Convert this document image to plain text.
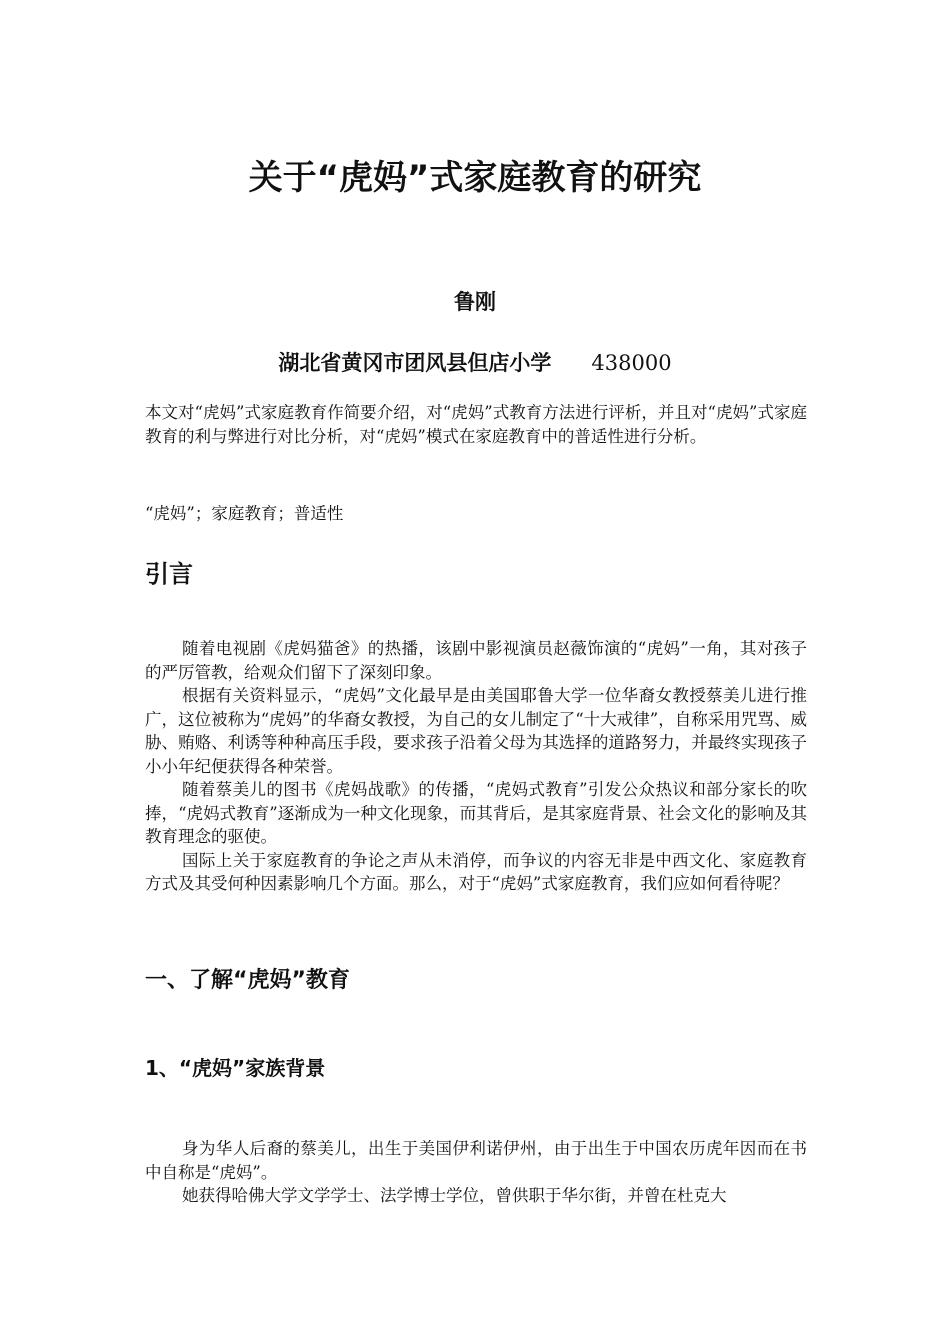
关于“虎妈”式家庭教育的研究
鲁刚
湖北省黄冈市团风县但店小学 438000

本文对“虎妈”式家庭教育作简要介绍，对“虎妈”式教育方法进行评析，并且对“虎妈”式家庭教育的利与弊进行对比分析，对“虎妈”模式在家庭教育中的普适性进行分析。

“虎妈”；家庭教育；普适性

引言

随着电视剧《虎妈猫爸》的热播，该剧中影视演员赵薇饰演的“虎妈”一角，其对孩子的严厉管教，给观众们留下了深刻印象。

根据有关资料显示，“虎妈”文化最早是由美国耶鲁大学一位华裔女教授蔡美儿进行推广，这位被称为“虎妈”的华裔女教授，为自己的女儿制定了“十大戒律”，自称采用咒骂、威胁、贿赂、利诱等种种高压手段，要求孩子沿着父母为其选择的道路努力，并最终实现孩子小小年纪便获得各种荣誉。

随着蔡美儿的图书《虎妈战歌》的传播，“虎妈式教育”引发公众热议和部分家长的吹捧，“虎妈式教育”逐渐成为一种文化现象，而其背后，是其家庭背景、社会文化的影响及其教育理念的驱使。

国际上关于家庭教育的争论之声从未消停，而争议的内容无非是中西文化、家庭教育方式及其受何种因素影响几个方面。那么，对于“虎妈”式家庭教育，我们应如何看待呢？

一、了解“虎妈”教育
1、“虎妈”家族背景

身为华人后裔的蔡美儿，出生于美国伊利诺伊州，由于出生于中国农历虎年因而在书中自称是“虎妈”。

她获得哈佛大学文学学士、法学博士学位，曾供职于华尔街，并曾在杜克大
